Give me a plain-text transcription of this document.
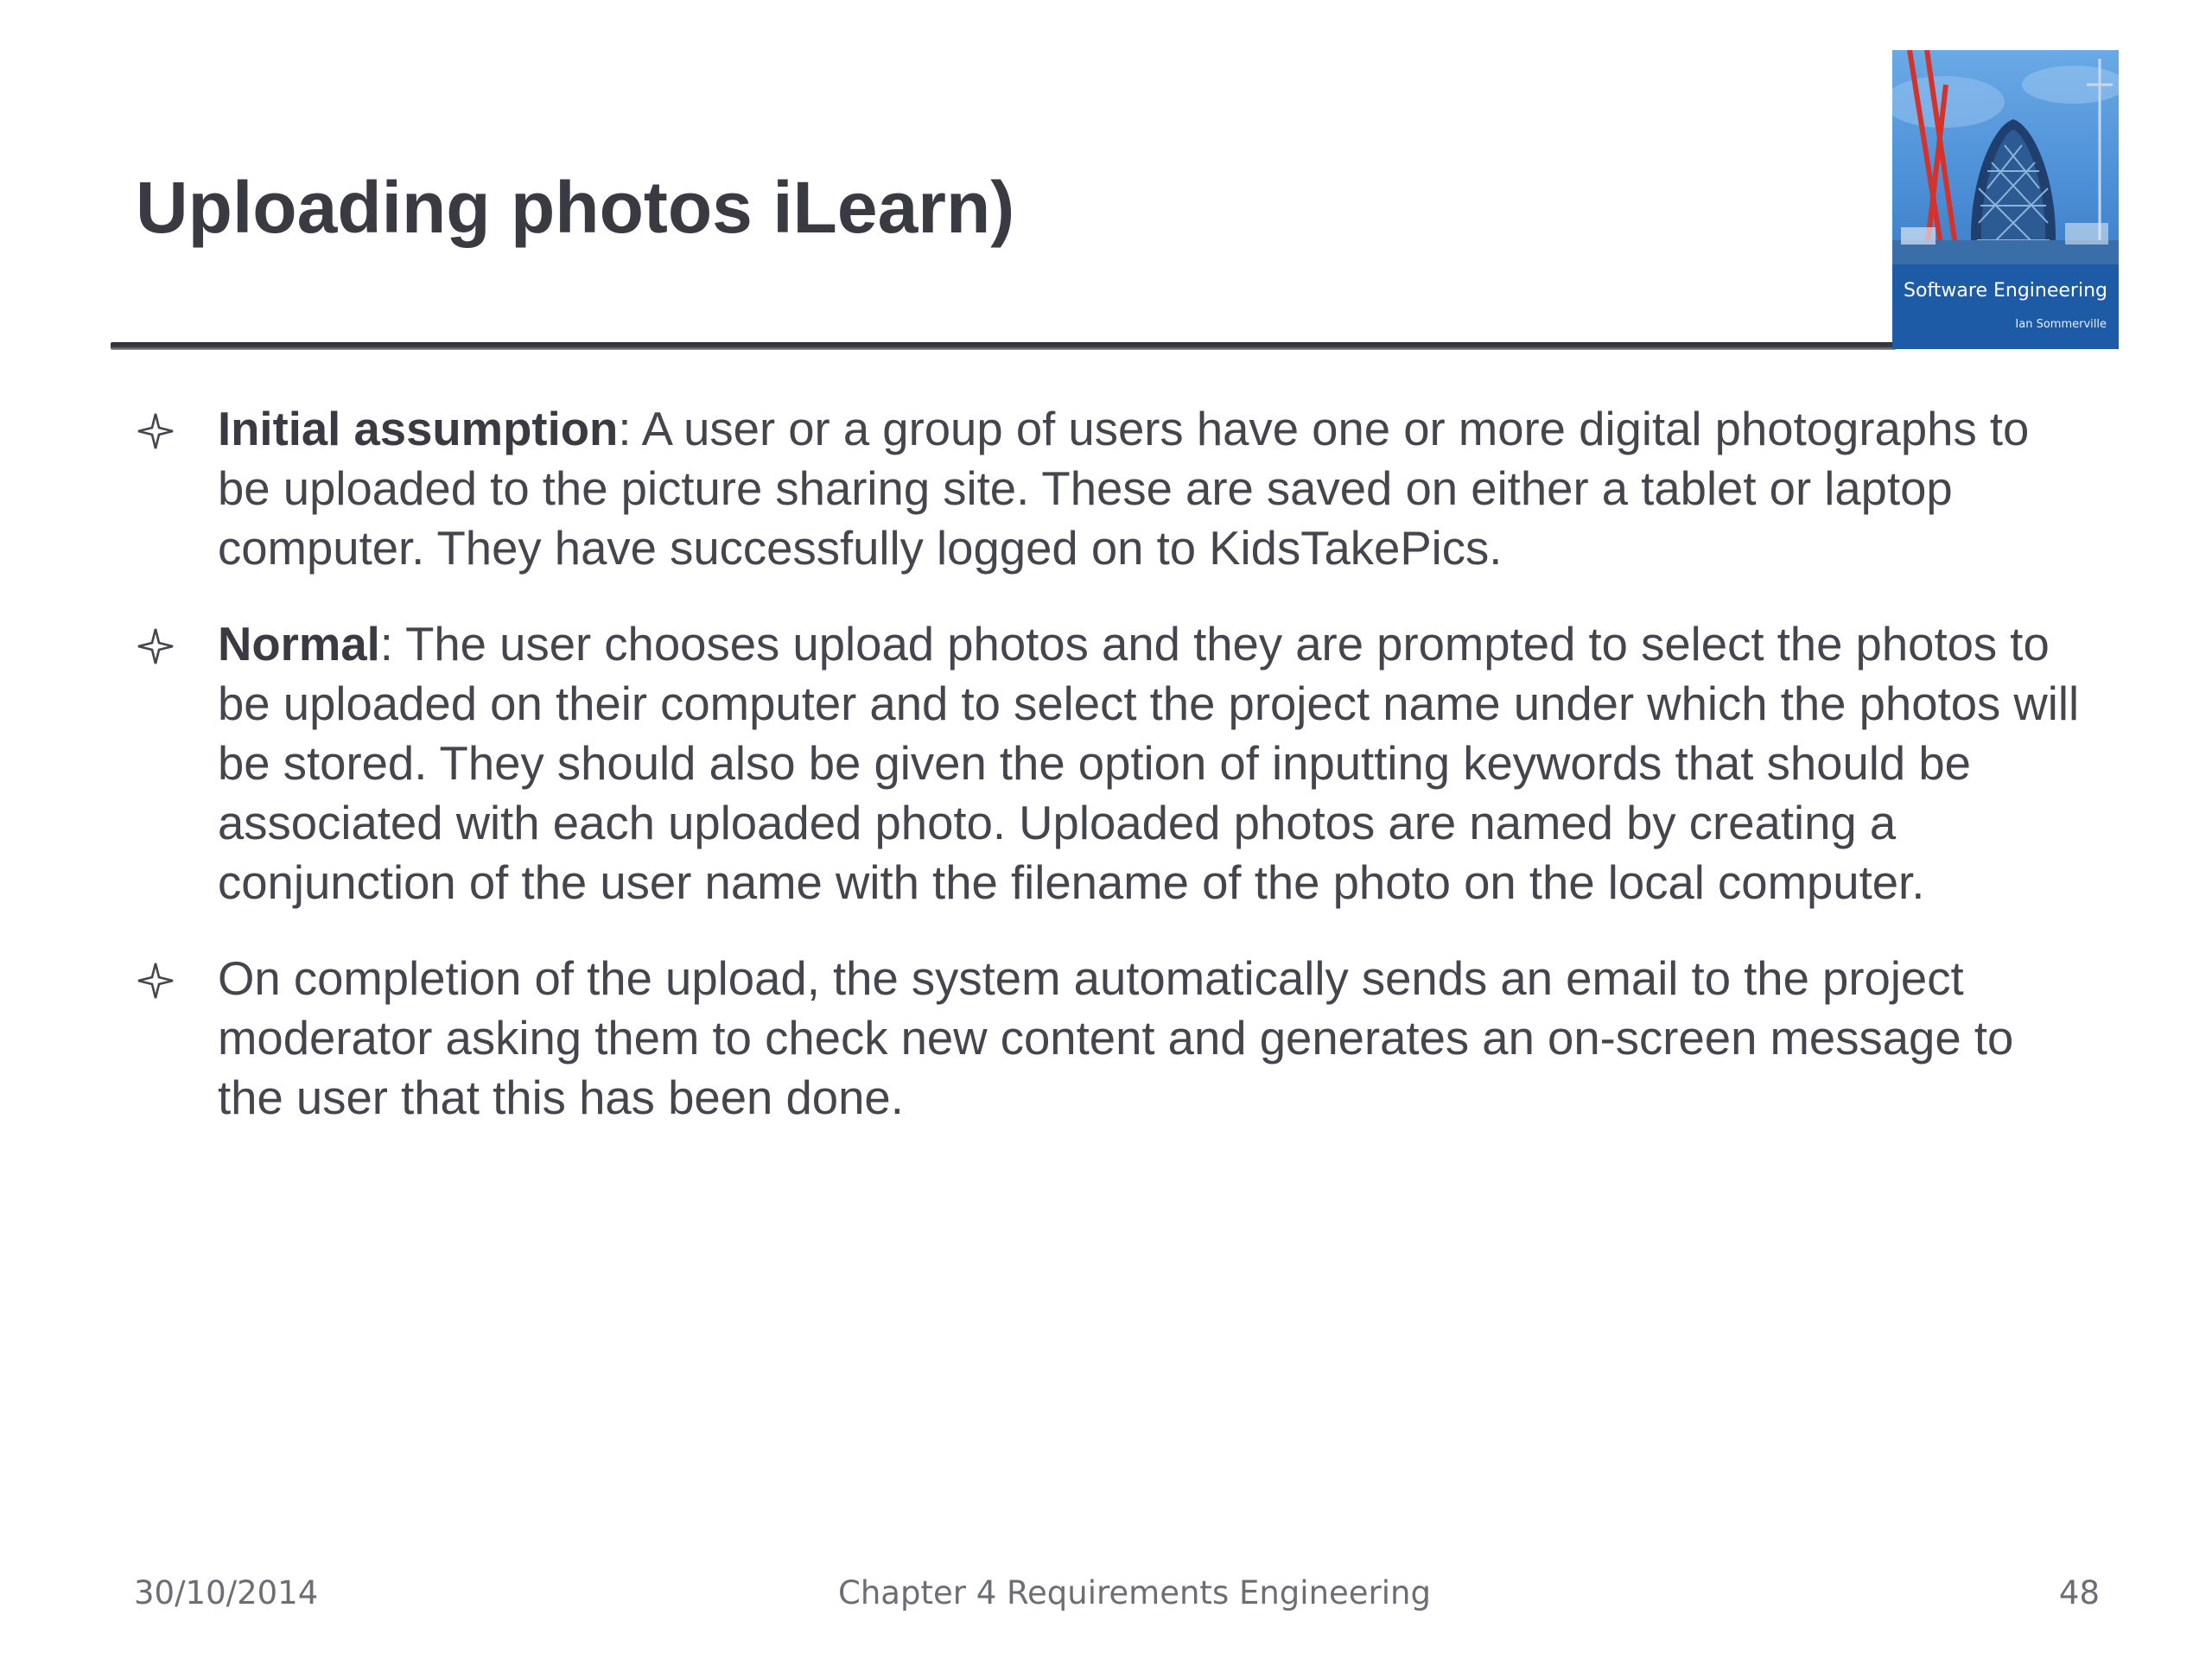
Uploading photos iLearn)
Software Engineering
Ian Sommerville
Initial assumption: A user or a group of users have one or more digital photographs to be uploaded to the picture sharing site. These are saved on either a tablet or laptop computer. They have successfully logged on to KidsTakePics.
Normal: The user chooses upload photos and they are prompted to select the photos to be uploaded on their computer and to select the project name under which the photos will be stored. They should also be given the option of inputting keywords that should be associated with each uploaded photo. Uploaded photos are named by creating a conjunction of the user name with the filename of the photo on the local computer.
On completion of the upload, the system automatically sends an email to the project moderator asking them to check new content and generates an on-screen message to the user that this has been done.
30/10/2014	Chapter 4 Requirements Engineering	48
